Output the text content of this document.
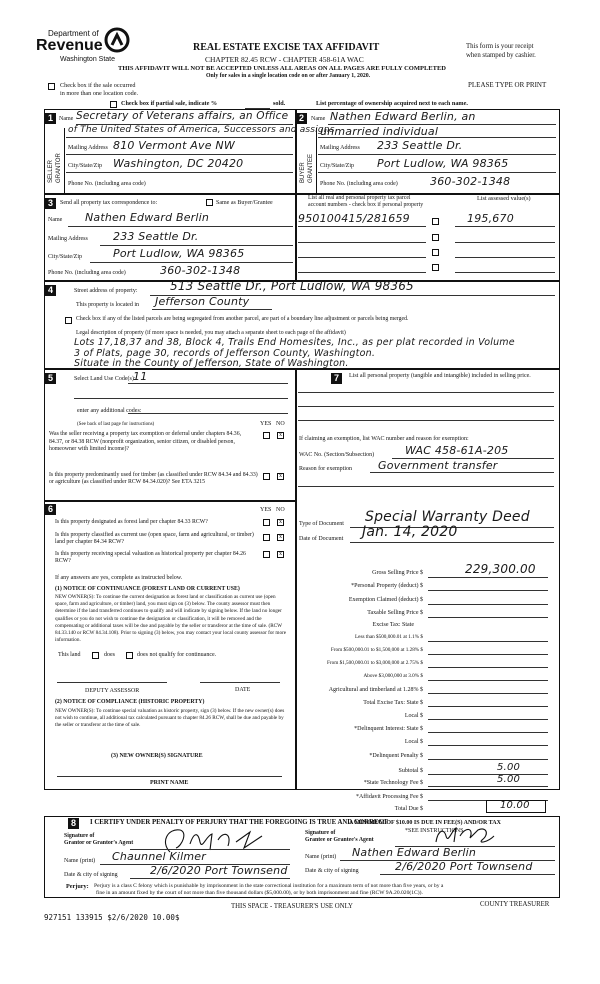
Department of
Revenue
Washington State
REAL ESTATE EXCISE TAX AFFIDAVIT
CHAPTER 82.45 RCW - CHAPTER 458-61A WAC
THIS AFFIDAVIT WILL NOT BE ACCEPTED UNLESS ALL AREAS ON ALL PAGES ARE FULLY COMPLETED
Only for sales in a single location code on or after January 1, 2020.
This form is your receipt
when stamped by cashier.
PLEASE TYPE OR PRINT
Check box if the sale occurred
in more than one location code.
Check box if partial sale, indicate %	sold.	List percentage of ownership acquired next to each name.
1	2
SELLER GRANTOR	BUYER GRANTEE
Name Secretary of Veterans affairs, an Office
of The United States of America, Successors and assigns
Mailing Address 810 Vermont Ave NW
City/State/Zip Washington, DC 20420
Phone No. (including area code)
Name Nathen Edward Berlin, an
unmarried individual
Mailing Address 233 Seattle Dr.
City/State/Zip Port Ludlow, WA 98365
Phone No. (including area code)	360-302-1348
3	Send all property tax correspondence to:	Same as Buyer/Grantee
Name Nathen Edward Berlin
Mailing Address 233 Seattle Dr.
City/State/Zip	Port Ludlow, WA 98365
Phone No. (including area code)	360-302-1348
List all real and personal property tax parcel
account numbers - check box if personal property
List assessed value(s)
950100415/281659	195,670
4	Street address of property:	513 Seattle Dr., Port Ludlow, WA 98365
This property is located in Jefferson County
Check box if any of the listed parcels are being segregated from another parcel, are part of a boundary line adjustment or parcels being merged.
Legal description of property (if more space is needed, you may attach a separate sheet to each page of the affidavit)
Lots 17,18,37 and 38, Block 4, Trails End Homesites, Inc., as per plat recorded in Volume
3 of Plats, page 30, records of Jefferson County, Washington.
Situate in the County of Jefferson, State of Washington.
5	Select Land Use Code(s):
11
enter any additional codes:
(See back of last page for instructions)	YES NO
Was the seller receiving a property tax exemption or deferral under chapters 84.36, 84.37, or 84.38 RCW (nonprofit organization, senior citizen, or disabled person, homeowner with limited income)?
x
Is this property predominantly used for timber (as classified under RCW 84.34 and 84.33) or agriculture (as classified under RCW 84.34.020)? See ETA 3215
x
7	List all personal property (tangible and intangible) included in selling price.
If claiming an exemption, list WAC number and reason for exemption:
WAC No. (Section/Subsection)	WAC 458-61A-205
Reason for exemption Government transfer
6	YES NO
Is this property designated as forest land per chapter 84.33 RCW?	x
Is this property classified as current use (open space, farm and agricultural, or timber) land per chapter 84.34 RCW?
x
Is this property receiving special valuation as historical property per chapter 84.26 RCW?
x
If any answers are yes, complete as instructed below.
(1) NOTICE OF CONTINUANCE (FOREST LAND OR CURRENT USE)
NEW OWNER(S): To continue the current designation as forest land or classification as current use (open space, farm and agriculture, or timber) land, you must sign on (3) below. The county assessor must then determine if the land transferred continues to qualify and will indicate by signing below. If the land no longer qualifies or you do not wish to continue the designation or classification, it will be removed and the compensating or additional taxes will be due and payable by the seller or transferor at the time of sale. (RCW 84.33.140 or RCW 84.34.108). Prior to signing (3) below, you may contact your local county assessor for more information.
This land	does	does not qualify for continuance.
DEPUTY ASSESSOR	DATE
(2) NOTICE OF COMPLIANCE (HISTORIC PROPERTY)
NEW OWNER(S): To continue special valuation as historic property, sign (3) below. If the new owner(s) does not wish to continue, all additional tax calculated pursuant to chapter 84.26 RCW, shall be due and payable by the seller or transferor at the time of sale.
(3) NEW OWNER(S) SIGNATURE
PRINT NAME
Type of Document Special Warranty Deed
Date of Document Jan. 14, 2020
Gross Selling Price $	229,300.00
*Personal Property (deduct) $
Exemption Claimed (deduct) $
Taxable Selling Price $
Excise Tax: State
Less than $500,000.01 at 1.1% $
From $500,000.01 to $1,500,000 at 1.28% $
From $1,500,000.01 to $3,000,000 at 2.75% $
Above $3,000,000 at 3.0% $
Agricultural and timberland at 1.28% $
Total Excise Tax: State $
Local $
*Delinquent Interest: State $
Local $
*Delinquent Penalty $
Subtotal $	5.00
*State Technology Fee $	5.00
*Affidavit Processing Fee $
Total Due $	10.00
A MINIMUM OF $10.00 IS DUE IN FEE(S) AND/OR TAX
*SEE INSTRUCTIONS
8	I CERTIFY UNDER PENALTY OF PERJURY THAT THE FOREGOING IS TRUE AND CORRECT
Signature of
Grantor or Grantor's Agent
Name (print) Chaunnel Kilmer
Date & city of signing	2/6/2020 Port Townsend
Signature of
Grantee or Grantee's Agent
Name (print) Nathen Edward Berlin
Date & city of signing	2/6/2020 Port Townsend
Perjury: Perjury is a class C felony which is punishable by imprisonment in the state correctional institution for a maximum term of not more than five years, or by a
fine in an amount fixed by the court of not more than five thousand dollars ($5,000.00), or by both imprisonment and fine (RCW 9A.20.020(1C)).
THIS SPACE - TREASURER'S USE ONLY	COUNTY TREASURER
927151 133915 $2/6/2020 10.00$
